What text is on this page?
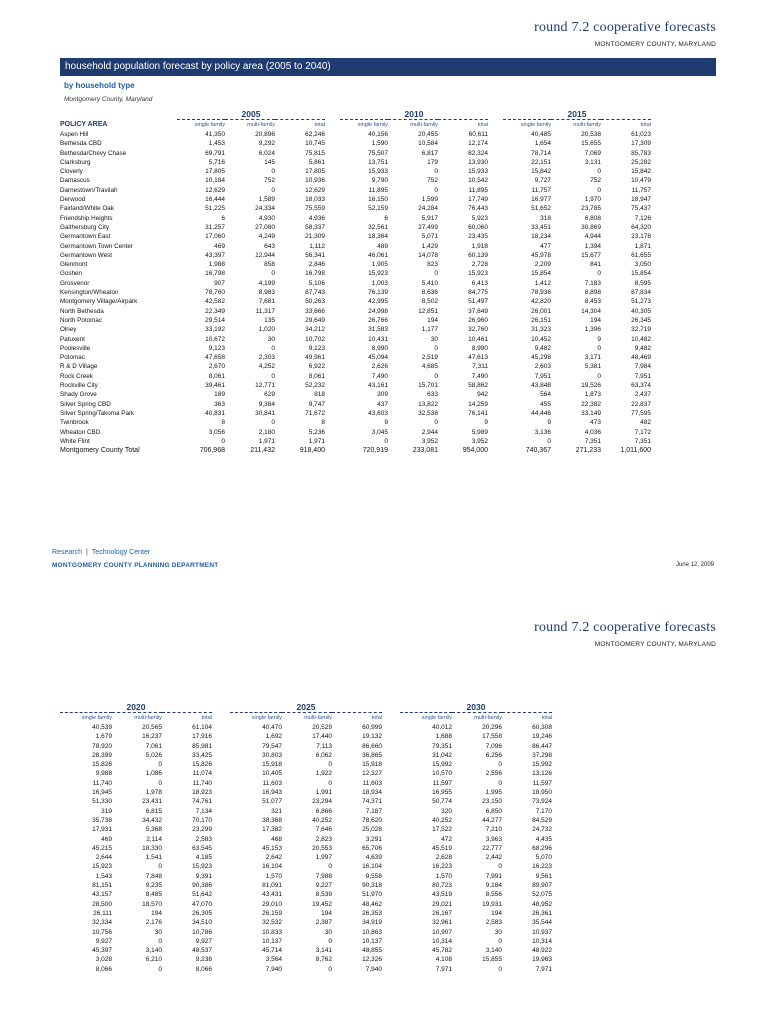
round 7.2 cooperative forecasts
MONTGOMERY COUNTY, MARYLAND
household population forecast by policy area (2005 to 2040)
by household type
Montgomery County, Maryland
	2005				2010				2015		
POLICY AREA	single family	multi-family	total		single family	multi-family	total		single family	multi-family	total
Aspen Hill	41,350	20,896	62,246		40,156	20,455	60,611		40,485	20,538	61,023
Bethesda CBD	1,453	9,292	10,745		1,590	10,584	12,174		1,654	15,655	17,309
Bethesda/Chevy Chase	69,791	6,024	75,815		75,507	6,817	82,324		78,714	7,069	85,783
Clarksburg	5,716	145	5,861		13,751	179	13,930		22,151	3,131	25,282
Cloverly	17,805	0	17,805		15,933	0	15,933		15,842	0	15,842
Damascus	10,184	752	10,936		9,790	752	10,542		9,727	752	10,479
Darnestown/Travilah	12,629	0	12,629		11,895	0	11,895		11,757	0	11,757
Derwood	16,444	1,589	18,033		16,150	1,599	17,749		16,977	1,970	18,947
Fairland/White Oak	51,225	24,334	75,559		52,159	24,284	76,443		51,652	23,785	75,437
Friendship Heights	6	4,930	4,936		6	5,917	5,923		318	6,808	7,126
Gaithersburg City	31,257	27,080	58,337		32,561	27,499	60,060		33,451	30,869	64,320
Germantown East	17,060	4,249	21,309		18,364	5,071	23,435		18,234	4,944	23,178
Germantown Town Center	469	643	1,112		489	1,429	1,918		477	1,394	1,871
Germantown West	43,397	12,944	56,341		46,061	14,078	60,139		45,978	15,677	61,655
Glenmont	1,988	858	2,846		1,905	823	2,728		2,209	841	3,050
Goshen	16,798	0	16,798		15,923	0	15,923		15,854	0	15,854
Grosvenor	907	4,199	5,106		1,003	5,410	6,413		1,412	7,183	8,595
Kensington/Wheaton	78,760	8,983	87,743		76,139	8,636	84,775		78,936	8,898	87,834
Montgomery Village/Airpark	42,582	7,681	50,263		42,995	8,502	51,497		42,820	8,453	51,273
North Bethesda	22,349	11,317	33,666		24,998	12,851	37,849		26,001	14,304	40,305
North Potomac	29,514	135	29,649		26,766	194	26,960		26,151	194	26,345
Olney	33,192	1,020	34,212		31,583	1,177	32,760		31,323	1,396	32,719
Patuxent	10,672	30	10,702		10,431	30	10,461		10,452	9	10,482
Poolesville	9,123	0	9,123		8,990	0	8,990		9,482	0	9,482
Potomac	47,658	2,303	49,961		45,094	2,519	47,613		45,298	3,171	48,469
R & D Village	2,670	4,252	6,922		2,626	4,685	7,311		2,603	5,381	7,984
Rock Creek	8,061	0	8,061		7,490	0	7,490		7,951	0	7,951
Rockville City	39,461	12,771	52,232		43,161	15,701	58,862		43,848	19,526	63,374
Shady Grove	189	629	818		309	633	942		564	1,873	2,437
Silver Spring CBD	363	9,384	9,747		437	13,822	14,259		455	22,382	22,837
Silver Spring/Takoma Park	40,831	30,841	71,672		43,603	32,538	76,141		44,446	33,149	77,595
Twinbrook	8	0	8		9	0	9		9	473	482
Wheaton CBD	3,056	2,180	5,236		3,045	2,944	5,989		3,136	4,036	7,172
White Flint	0	1,971	1,971		0	3,952	3,952		0	7,351	7,351
Montgomery County Total	706,968	211,432	918,400		720,919	233,081	954,000		740,367	271,233	1,011,600
Research | Technology Center
MONTGOMERY COUNTY PLANNING DEPARTMENT	June 12, 2009
round 7.2 cooperative forecasts
MONTGOMERY COUNTY, MARYLAND
2020				2025				2030		
single family	multi-family	total		single family	multi-family	total		single family	multi-family	total
40,539	20,565	61,104		40,470	20,529	60,999		40,012	20,296	60,308
1,679	16,237	17,916		1,692	17,440	19,132		1,688	17,558	19,246
78,920	7,061	85,981		79,547	7,113	86,660		79,351	7,096	86,447
28,399	5,026	33,425		30,803	6,062	36,865		31,042	6,256	37,298
15,826	0	15,826		15,918	0	15,918		15,992	0	15,992
9,988	1,086	11,074		10,405	1,922	12,327		10,570	2,556	13,126
11,740	0	11,740		11,603	0	11,603		11,597	0	11,597
16,945	1,978	18,923		16,943	1,991	18,934		16,955	1,995	18,950
51,330	23,431	74,761		51,077	23,294	74,371		50,774	23,150	73,924
319	6,815	7,134		321	6,866	7,187		320	6,850	7,170
35,738	34,432	70,170		38,368	40,252	78,620		40,252	44,277	84,529
17,931	5,368	23,299		17,382	7,646	25,028		17,522	7,210	24,732
469	2,114	2,583		468	2,823	3,291		472	3,963	4,435
45,215	18,330	63,545		45,153	20,553	65,706		45,519	22,777	68,296
2,644	1,541	4,185		2,642	1,997	4,639		2,628	2,442	5,070
15,923	0	15,923		16,104	0	16,104		16,223	0	16,223
1,543	7,848	9,391		1,570	7,988	9,558		1,570	7,991	9,561
81,151	9,235	90,386		81,091	9,227	90,318		80,723	9,184	89,907
43,157	8,485	51,642		43,431	8,539	51,970		43,519	8,556	52,075
28,500	18,570	47,070		29,010	19,452	48,462		29,021	19,931	48,952
26,111	194	26,305		26,159	194	26,353		26,167	194	26,361
32,334	2,176	34,510		32,532	2,387	34,919		32,961	2,583	35,544
10,756	30	10,786		10,833	30	10,863		10,907	30	10,937
9,927	0	9,927		10,137	0	10,137		10,314	0	10,314
45,397	3,140	48,537		45,714	3,141	48,855		45,782	3,140	48,922
3,028	6,210	9,238		3,564	8,762	12,326		4,108	15,855	19,963
8,066	0	8,066		7,940	0	7,940		7,971	0	7,971
